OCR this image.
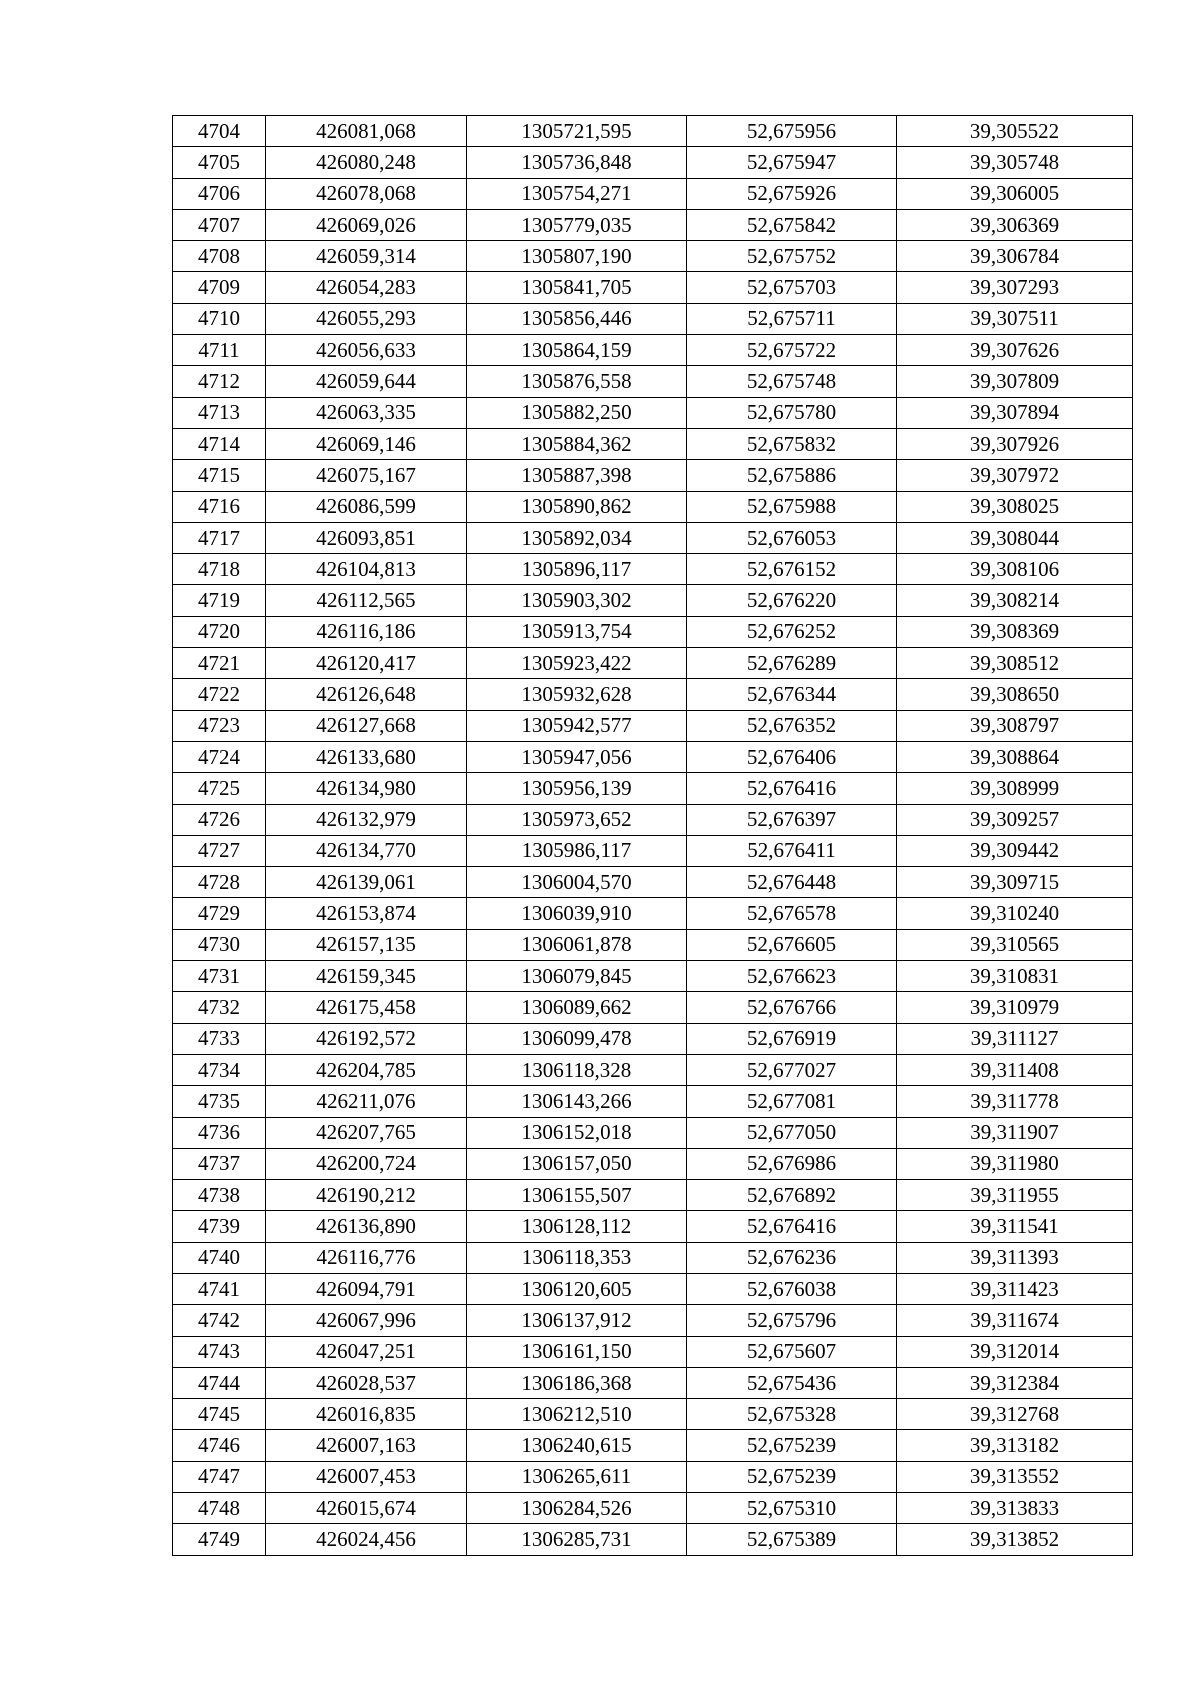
4704	426081,068	1305721,595	52,675956	39,305522
4705	426080,248	1305736,848	52,675947	39,305748
4706	426078,068	1305754,271	52,675926	39,306005
4707	426069,026	1305779,035	52,675842	39,306369
4708	426059,314	1305807,190	52,675752	39,306784
4709	426054,283	1305841,705	52,675703	39,307293
4710	426055,293	1305856,446	52,675711	39,307511
4711	426056,633	1305864,159	52,675722	39,307626
4712	426059,644	1305876,558	52,675748	39,307809
4713	426063,335	1305882,250	52,675780	39,307894
4714	426069,146	1305884,362	52,675832	39,307926
4715	426075,167	1305887,398	52,675886	39,307972
4716	426086,599	1305890,862	52,675988	39,308025
4717	426093,851	1305892,034	52,676053	39,308044
4718	426104,813	1305896,117	52,676152	39,308106
4719	426112,565	1305903,302	52,676220	39,308214
4720	426116,186	1305913,754	52,676252	39,308369
4721	426120,417	1305923,422	52,676289	39,308512
4722	426126,648	1305932,628	52,676344	39,308650
4723	426127,668	1305942,577	52,676352	39,308797
4724	426133,680	1305947,056	52,676406	39,308864
4725	426134,980	1305956,139	52,676416	39,308999
4726	426132,979	1305973,652	52,676397	39,309257
4727	426134,770	1305986,117	52,676411	39,309442
4728	426139,061	1306004,570	52,676448	39,309715
4729	426153,874	1306039,910	52,676578	39,310240
4730	426157,135	1306061,878	52,676605	39,310565
4731	426159,345	1306079,845	52,676623	39,310831
4732	426175,458	1306089,662	52,676766	39,310979
4733	426192,572	1306099,478	52,676919	39,311127
4734	426204,785	1306118,328	52,677027	39,311408
4735	426211,076	1306143,266	52,677081	39,311778
4736	426207,765	1306152,018	52,677050	39,311907
4737	426200,724	1306157,050	52,676986	39,311980
4738	426190,212	1306155,507	52,676892	39,311955
4739	426136,890	1306128,112	52,676416	39,311541
4740	426116,776	1306118,353	52,676236	39,311393
4741	426094,791	1306120,605	52,676038	39,311423
4742	426067,996	1306137,912	52,675796	39,311674
4743	426047,251	1306161,150	52,675607	39,312014
4744	426028,537	1306186,368	52,675436	39,312384
4745	426016,835	1306212,510	52,675328	39,312768
4746	426007,163	1306240,615	52,675239	39,313182
4747	426007,453	1306265,611	52,675239	39,313552
4748	426015,674	1306284,526	52,675310	39,313833
4749	426024,456	1306285,731	52,675389	39,313852
